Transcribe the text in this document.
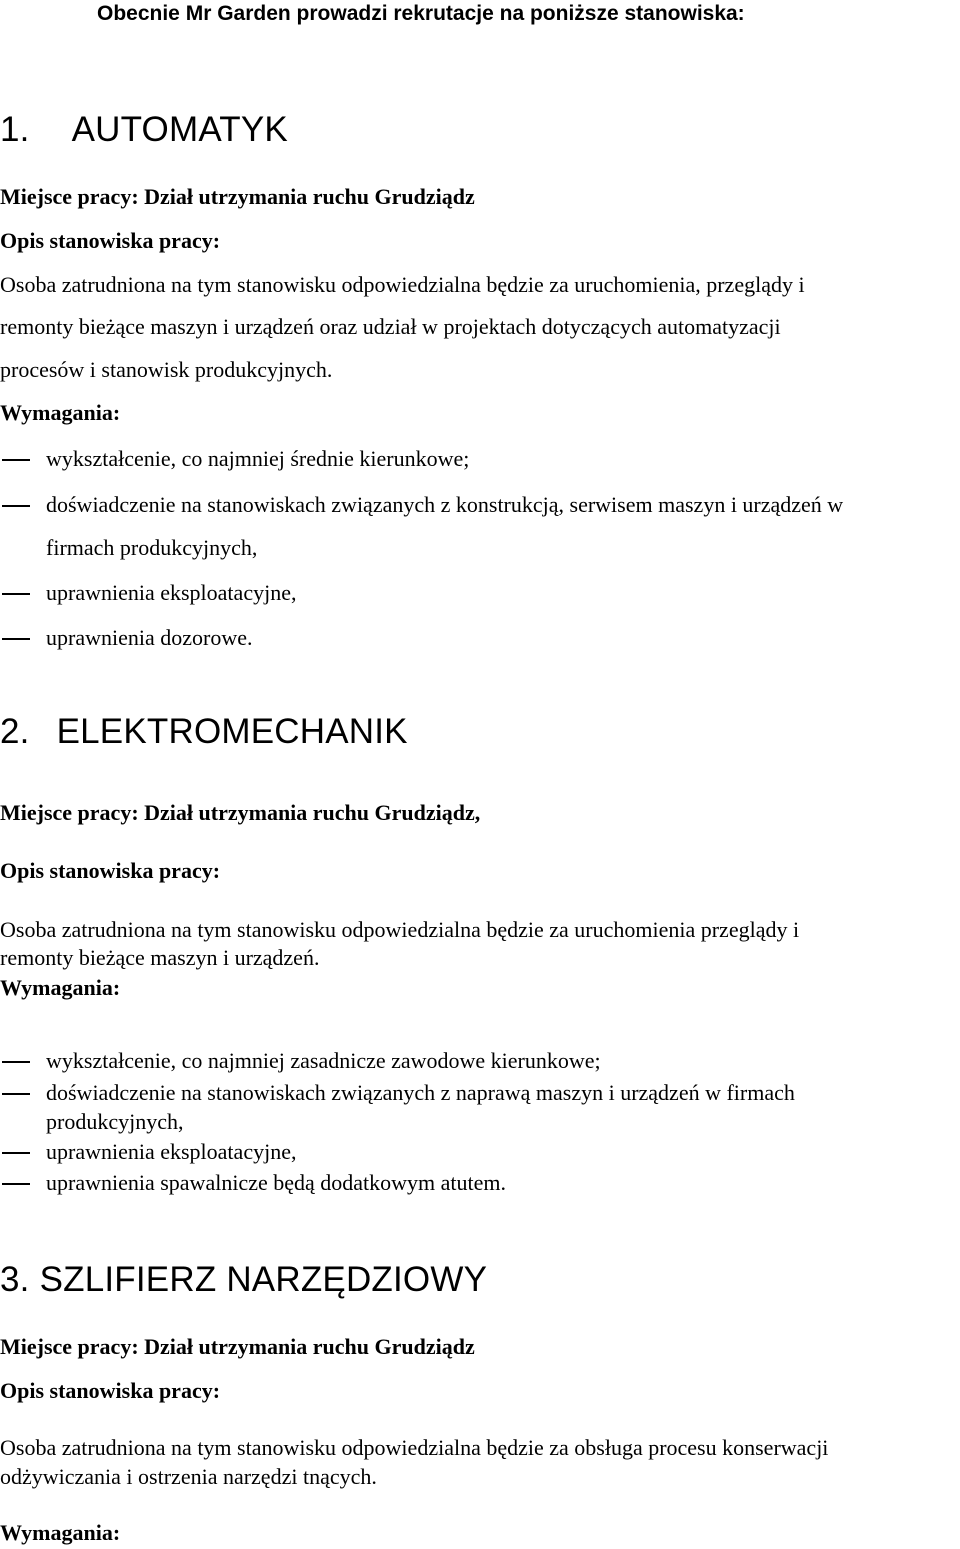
Obecnie Mr Garden prowadzi rekrutacje na poniższe stanowiska:
1. AUTOMATYK
Miejsce pracy: Dział utrzymania ruchu Grudziądz
Opis stanowiska pracy:
Osoba zatrudniona na tym stanowisku odpowiedzialna będzie za uruchomienia, przeglądy i
remonty bieżące maszyn i urządzeń oraz udział w projektach dotyczących automatyzacji
procesów i stanowisk produkcyjnych.
Wymagania:
wykształcenie, co najmniej średnie kierunkowe;
doświadczenie na stanowiskach związanych z konstrukcją, serwisem maszyn i urządzeń w
firmach produkcyjnych,
uprawnienia eksploatacyjne,
uprawnienia dozorowe.
2. ELEKTROMECHANIK
Miejsce pracy: Dział utrzymania ruchu Grudziądz,
Opis stanowiska pracy:
Osoba zatrudniona na tym stanowisku odpowiedzialna będzie za uruchomienia przeglądy i
remonty bieżące maszyn i urządzeń.
Wymagania:
wykształcenie, co najmniej zasadnicze zawodowe kierunkowe;
doświadczenie na stanowiskach związanych z naprawą maszyn i urządzeń w firmach
produkcyjnych,
uprawnienia eksploatacyjne,
uprawnienia spawalnicze będą dodatkowym atutem.
3. SZLIFIERZ NARZĘDZIOWY
Miejsce pracy: Dział utrzymania ruchu Grudziądz
Opis stanowiska pracy:
Osoba zatrudniona na tym stanowisku odpowiedzialna będzie za obsługa procesu konserwacji
odżywiczania i ostrzenia narzędzi tnących.
Wymagania:
